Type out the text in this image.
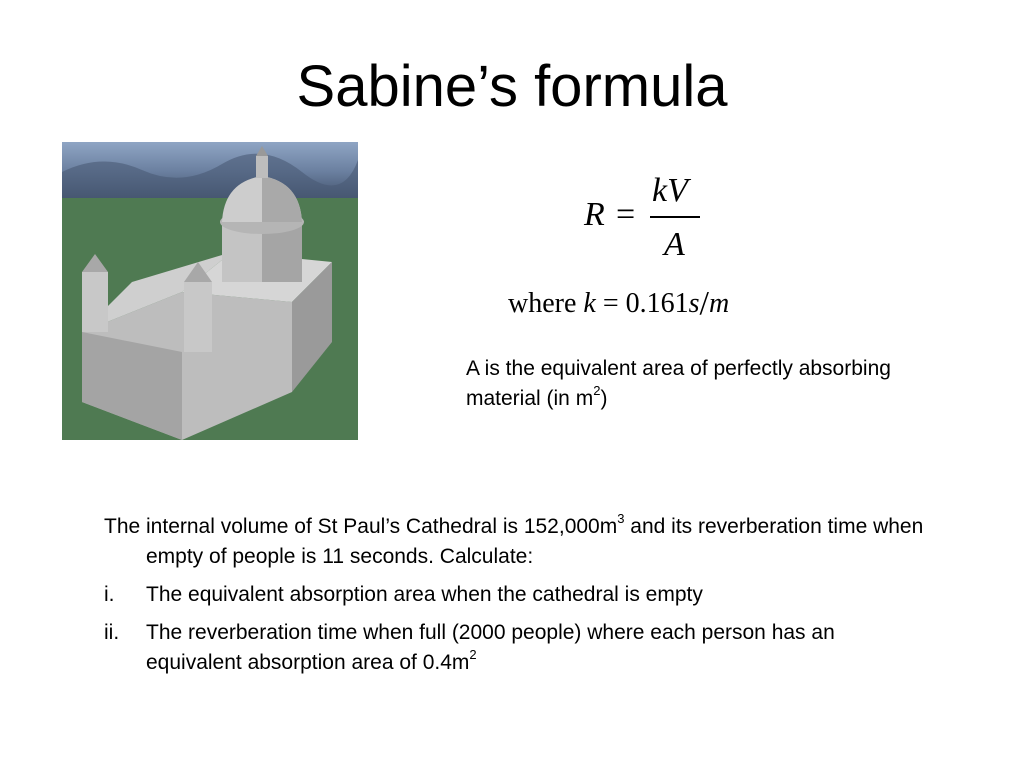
Sabine’s formula
R =
kV
A
where k = 0.161s/m
A is the equivalent area of perfectly absorbing material (in $m^2$)

The internal volume of St Paul’s Cathedral is $152,000m^3$ and its reverberation time when empty of people is 11 seconds. Calculate:

i.	The equivalent absorption area when the cathedral is empty
ii.	The reverberation time when full (2000 people) where each person has an equivalent absorption area of $0.4m^2$
